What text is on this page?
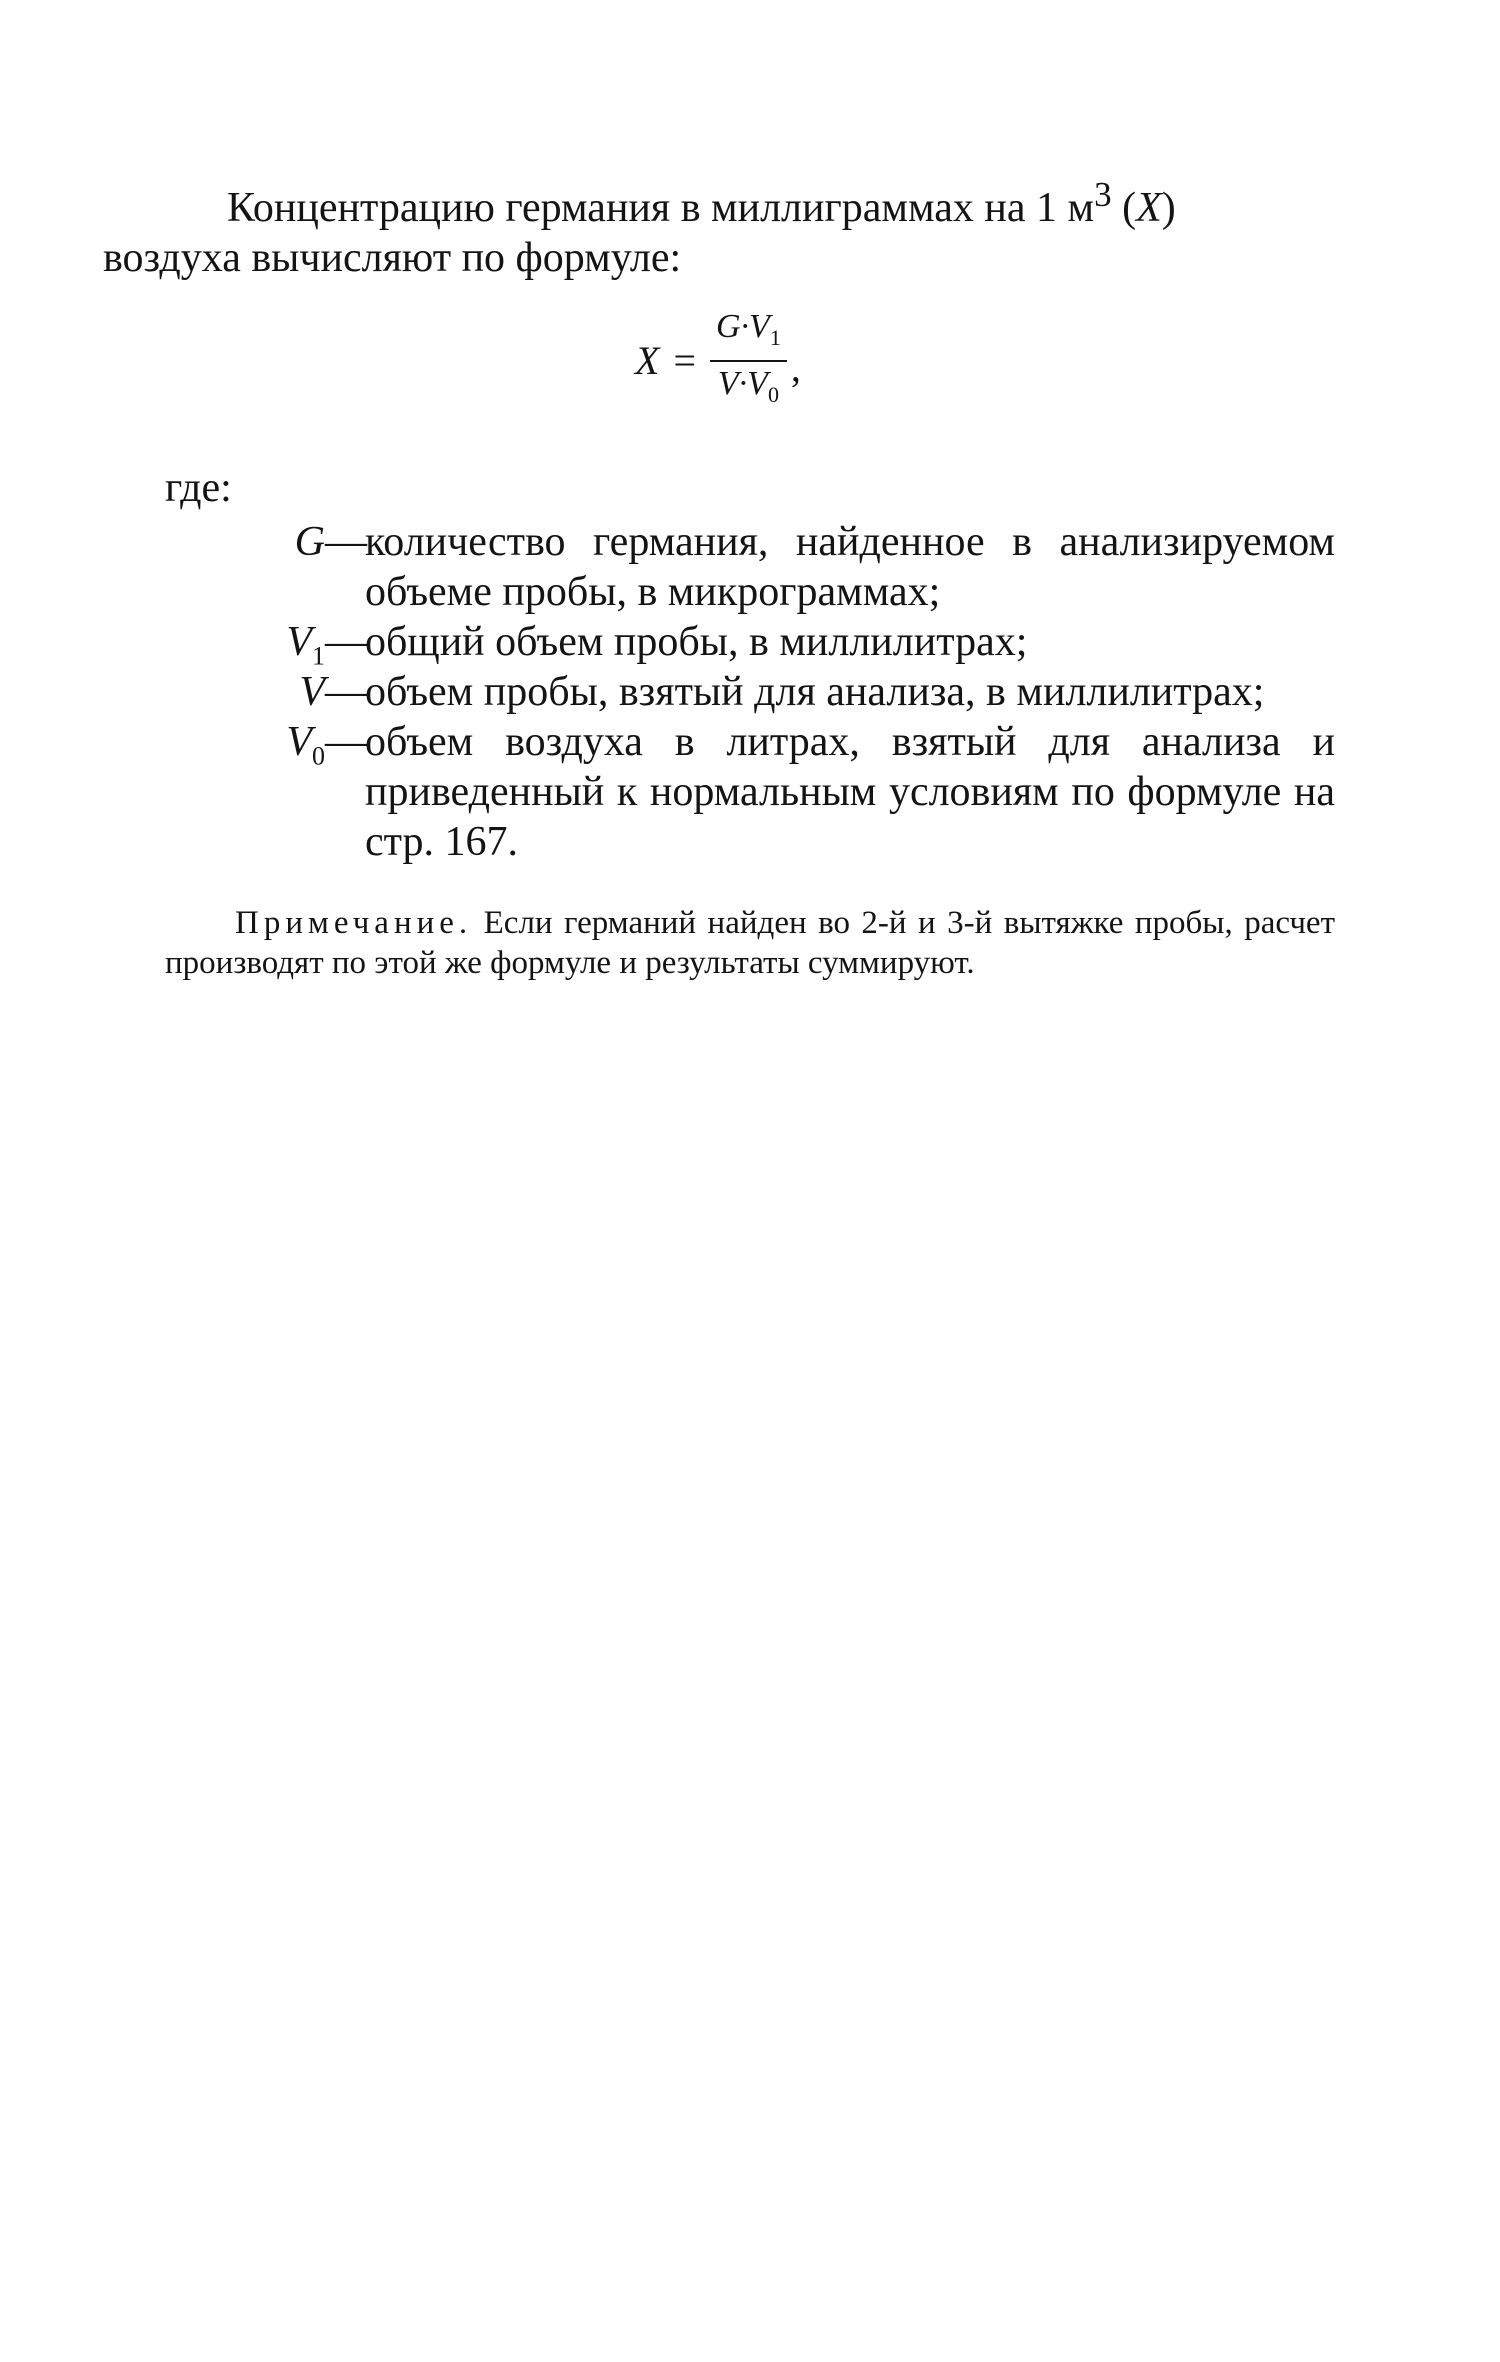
Концентрацию германия в миллиграммах на 1 $м^3$ (X)
воздуха вычисляют по формуле:

$X = \frac{G\cdot V_1}{V\cdot V_0}$ ,
где:
G —
количество германия, найденное в анализируемом объеме пробы, в микрограммах;
$V_1$ —
общий объем пробы, в миллилитрах;
V —
объем пробы, взятый для анализа, в миллилитрах;
$V_0$ —
объем воздуха в литрах, взятый для анализа и приведенный к нормальным условиям по формуле на стр. 167.

Примечание. Если германий найден во 2-й и 3-й вытяжке пробы, расчет производят по этой же формуле и результаты суммируют.
